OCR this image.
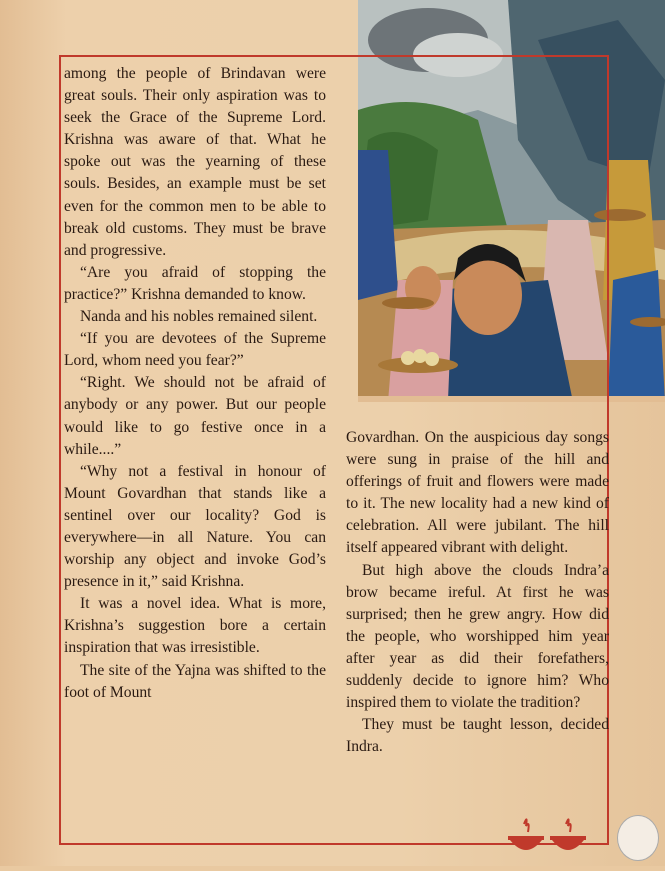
among the people of Brindavan were great souls. Their only aspiration was to seek the Grace of the Supreme Lord. Krishna was aware of that. What he spoke out was the yearning of these souls. Besides, an example must be set even for the common men to be able to break old customs. They must be brave and progressive.

“Are you afraid of stopping the practice?” Krishna demanded to know.

Nanda and his nobles remained silent.

“If you are devotees of the Supreme Lord, whom need you fear?”

“Right. We should not be afraid of anybody or any power. But our people would like to go festive once in a while....”

“Why not a festival in honour of Mount Govardhan that stands like a sentinel over our locality? God is everywhere—in all Nature. You can worship any object and invoke God’s presence in it,” said Krishna.

It was a novel idea. What is more, Krishna’s suggestion bore a certain inspiration that was irresistible.

The site of the Yajna was shifted to the foot of Mount

Govardhan. On the auspicious day songs were sung in praise of the hill and offerings of fruit and flowers were made to it. The new locality had a new kind of celebration. All were jubilant. The hill itself appeared vibrant with delight.

But high above the clouds Indra’a brow became ireful. At first he was surprised; then he grew angry. How did the people, who worshipped him year after year as did their forefathers, suddenly decide to ignore him? Who inspired them to violate the tradition?

They must be taught lesson, decided Indra.
